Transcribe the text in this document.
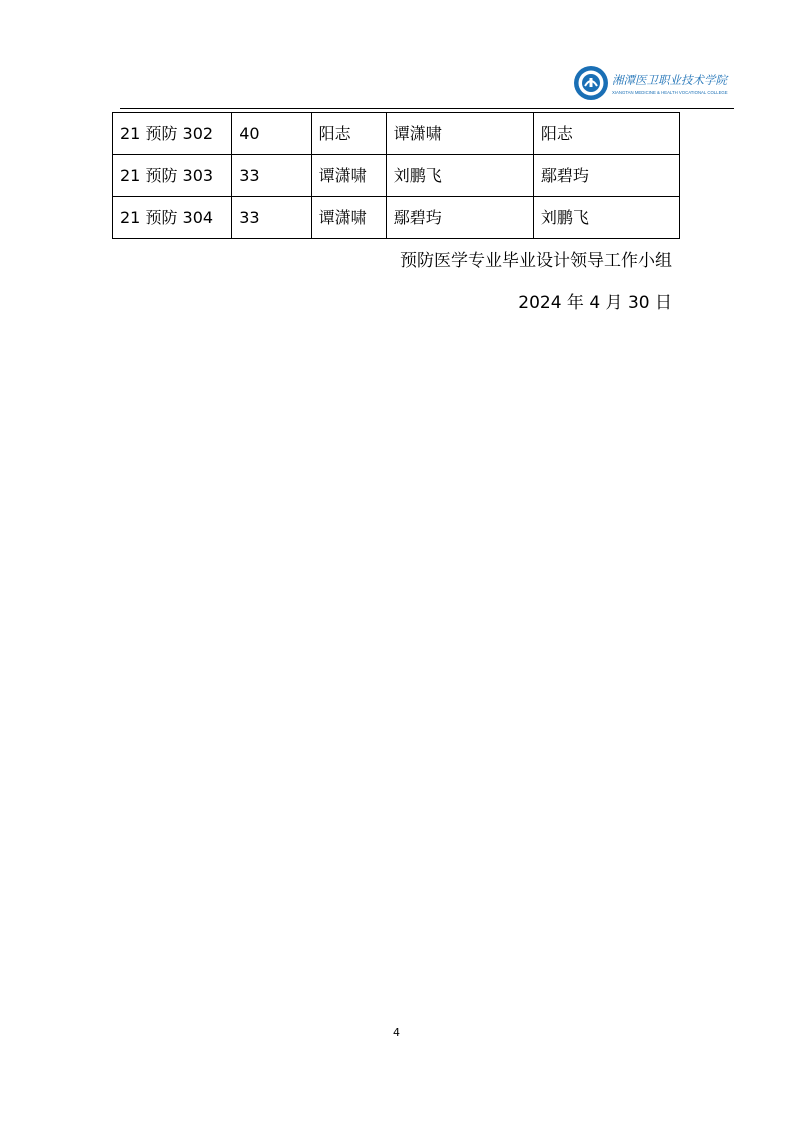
湘潭医卫职业技术学院
XIANGTAN MEDICINE & HEALTH VOCATIONAL COLLEGE
21 预防 302	40	阳志	谭潇啸	阳志
21 预防 303	33	谭潇啸	刘鹏飞	鄢碧玙
21 预防 304	33	谭潇啸	鄢碧玙	刘鹏飞
预防医学专业毕业设计领导工作小组
2024 年 4 月 30 日
4
